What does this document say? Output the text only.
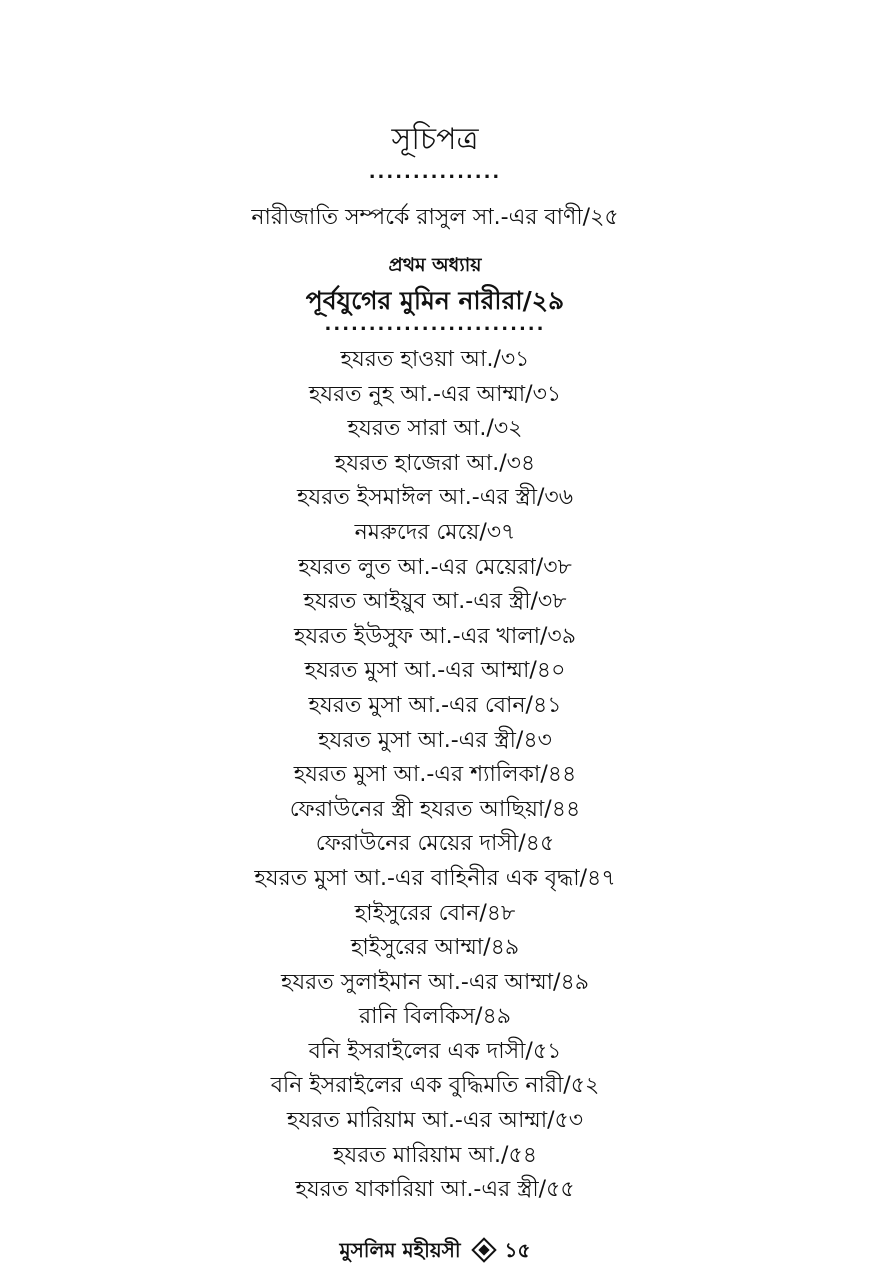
সূচিপত্র
...............
নারীজাতি সম্পর্কে রাসুল সা.-এর বাণী/২৫
প্রথম অধ্যায়
পূর্বযুগের মুমিন নারীরা/২৯
.........................
হযরত হাওয়া আ./৩১
হযরত নুহ আ.-এর আম্মা/৩১
হযরত সারা আ./৩২
হযরত হাজেরা আ./৩৪
হযরত ইসমাঈল আ.-এর স্ত্রী/৩৬
নমরুদের মেয়ে/৩৭
হযরত লুত আ.-এর মেয়েরা/৩৮
হযরত আইয়ুব আ.-এর স্ত্রী/৩৮
হযরত ইউসুফ আ.-এর খালা/৩৯
হযরত মুসা আ.-এর আম্মা/৪০
হযরত মুসা আ.-এর বোন/৪১
হযরত মুসা আ.-এর স্ত্রী/৪৩
হযরত মুসা আ.-এর শ্যালিকা/৪৪
ফেরাউনের স্ত্রী হযরত আছিয়া/৪৪
ফেরাউনের মেয়ের দাসী/৪৫
হযরত মুসা আ.-এর বাহিনীর এক বৃদ্ধা/৪৭
হাইসুরের বোন/৪৮
হাইসুরের আম্মা/৪৯
হযরত সুলাইমান আ.-এর আম্মা/৪৯
রানি বিলকিস/৪৯
বনি ইসরাইলের এক দাসী/৫১
বনি ইসরাইলের এক বুদ্ধিমতি নারী/৫২
হযরত মারিয়াম আ.-এর আম্মা/৫৩
হযরত মারিয়াম আ./৫৪
হযরত যাকারিয়া আ.-এর স্ত্রী/৫৫
মুসলিম মহীয়সী ১৫
